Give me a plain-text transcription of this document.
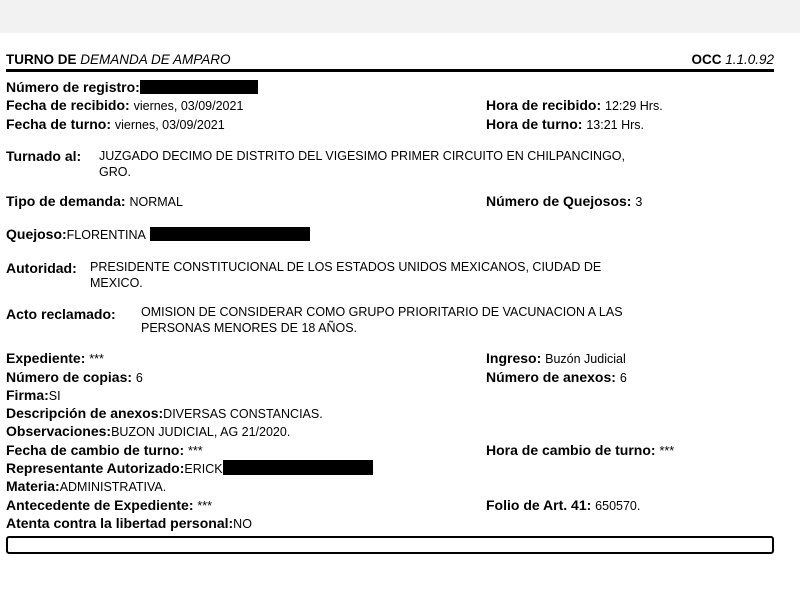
TURNO DE DEMANDA DE AMPARO	OCC 1.1.0.92
Número de registro:
Fecha de recibido: viernes, 03/09/2021	Hora de recibido: 12:29 Hrs.
Fecha de turno: viernes, 03/09/2021	Hora de turno: 13:21 Hrs.
Turnado al: JUZGADO DECIMO DE DISTRITO DEL VIGESIMO PRIMER CIRCUITO EN CHILPANCINGO,
GRO.
Tipo de demanda: NORMAL	Número de Quejosos: 3
Quejoso:FLORENTINA
Autoridad: PRESIDENTE CONSTITUCIONAL DE LOS ESTADOS UNIDOS MEXICANOS, CIUDAD DE
MEXICO.
Acto reclamado: OMISION DE CONSIDERAR COMO GRUPO PRIORITARIO DE VACUNACION A LAS
PERSONAS MENORES DE 18 AÑOS.
Expediente: ***	Ingreso: Buzón Judicial
Número de copias: 6	Número de anexos: 6
Firma:SI
Descripción de anexos:DIVERSAS CONSTANCIAS.
Observaciones:BUZON JUDICIAL, AG 21/2020.
Fecha de cambio de turno: ***	Hora de cambio de turno: ***
Representante Autorizado:ERICK
Materia:ADMINISTRATIVA.
Antecedente de Expediente: ***	Folio de Art. 41: 650570.
Atenta contra la libertad personal:NO
